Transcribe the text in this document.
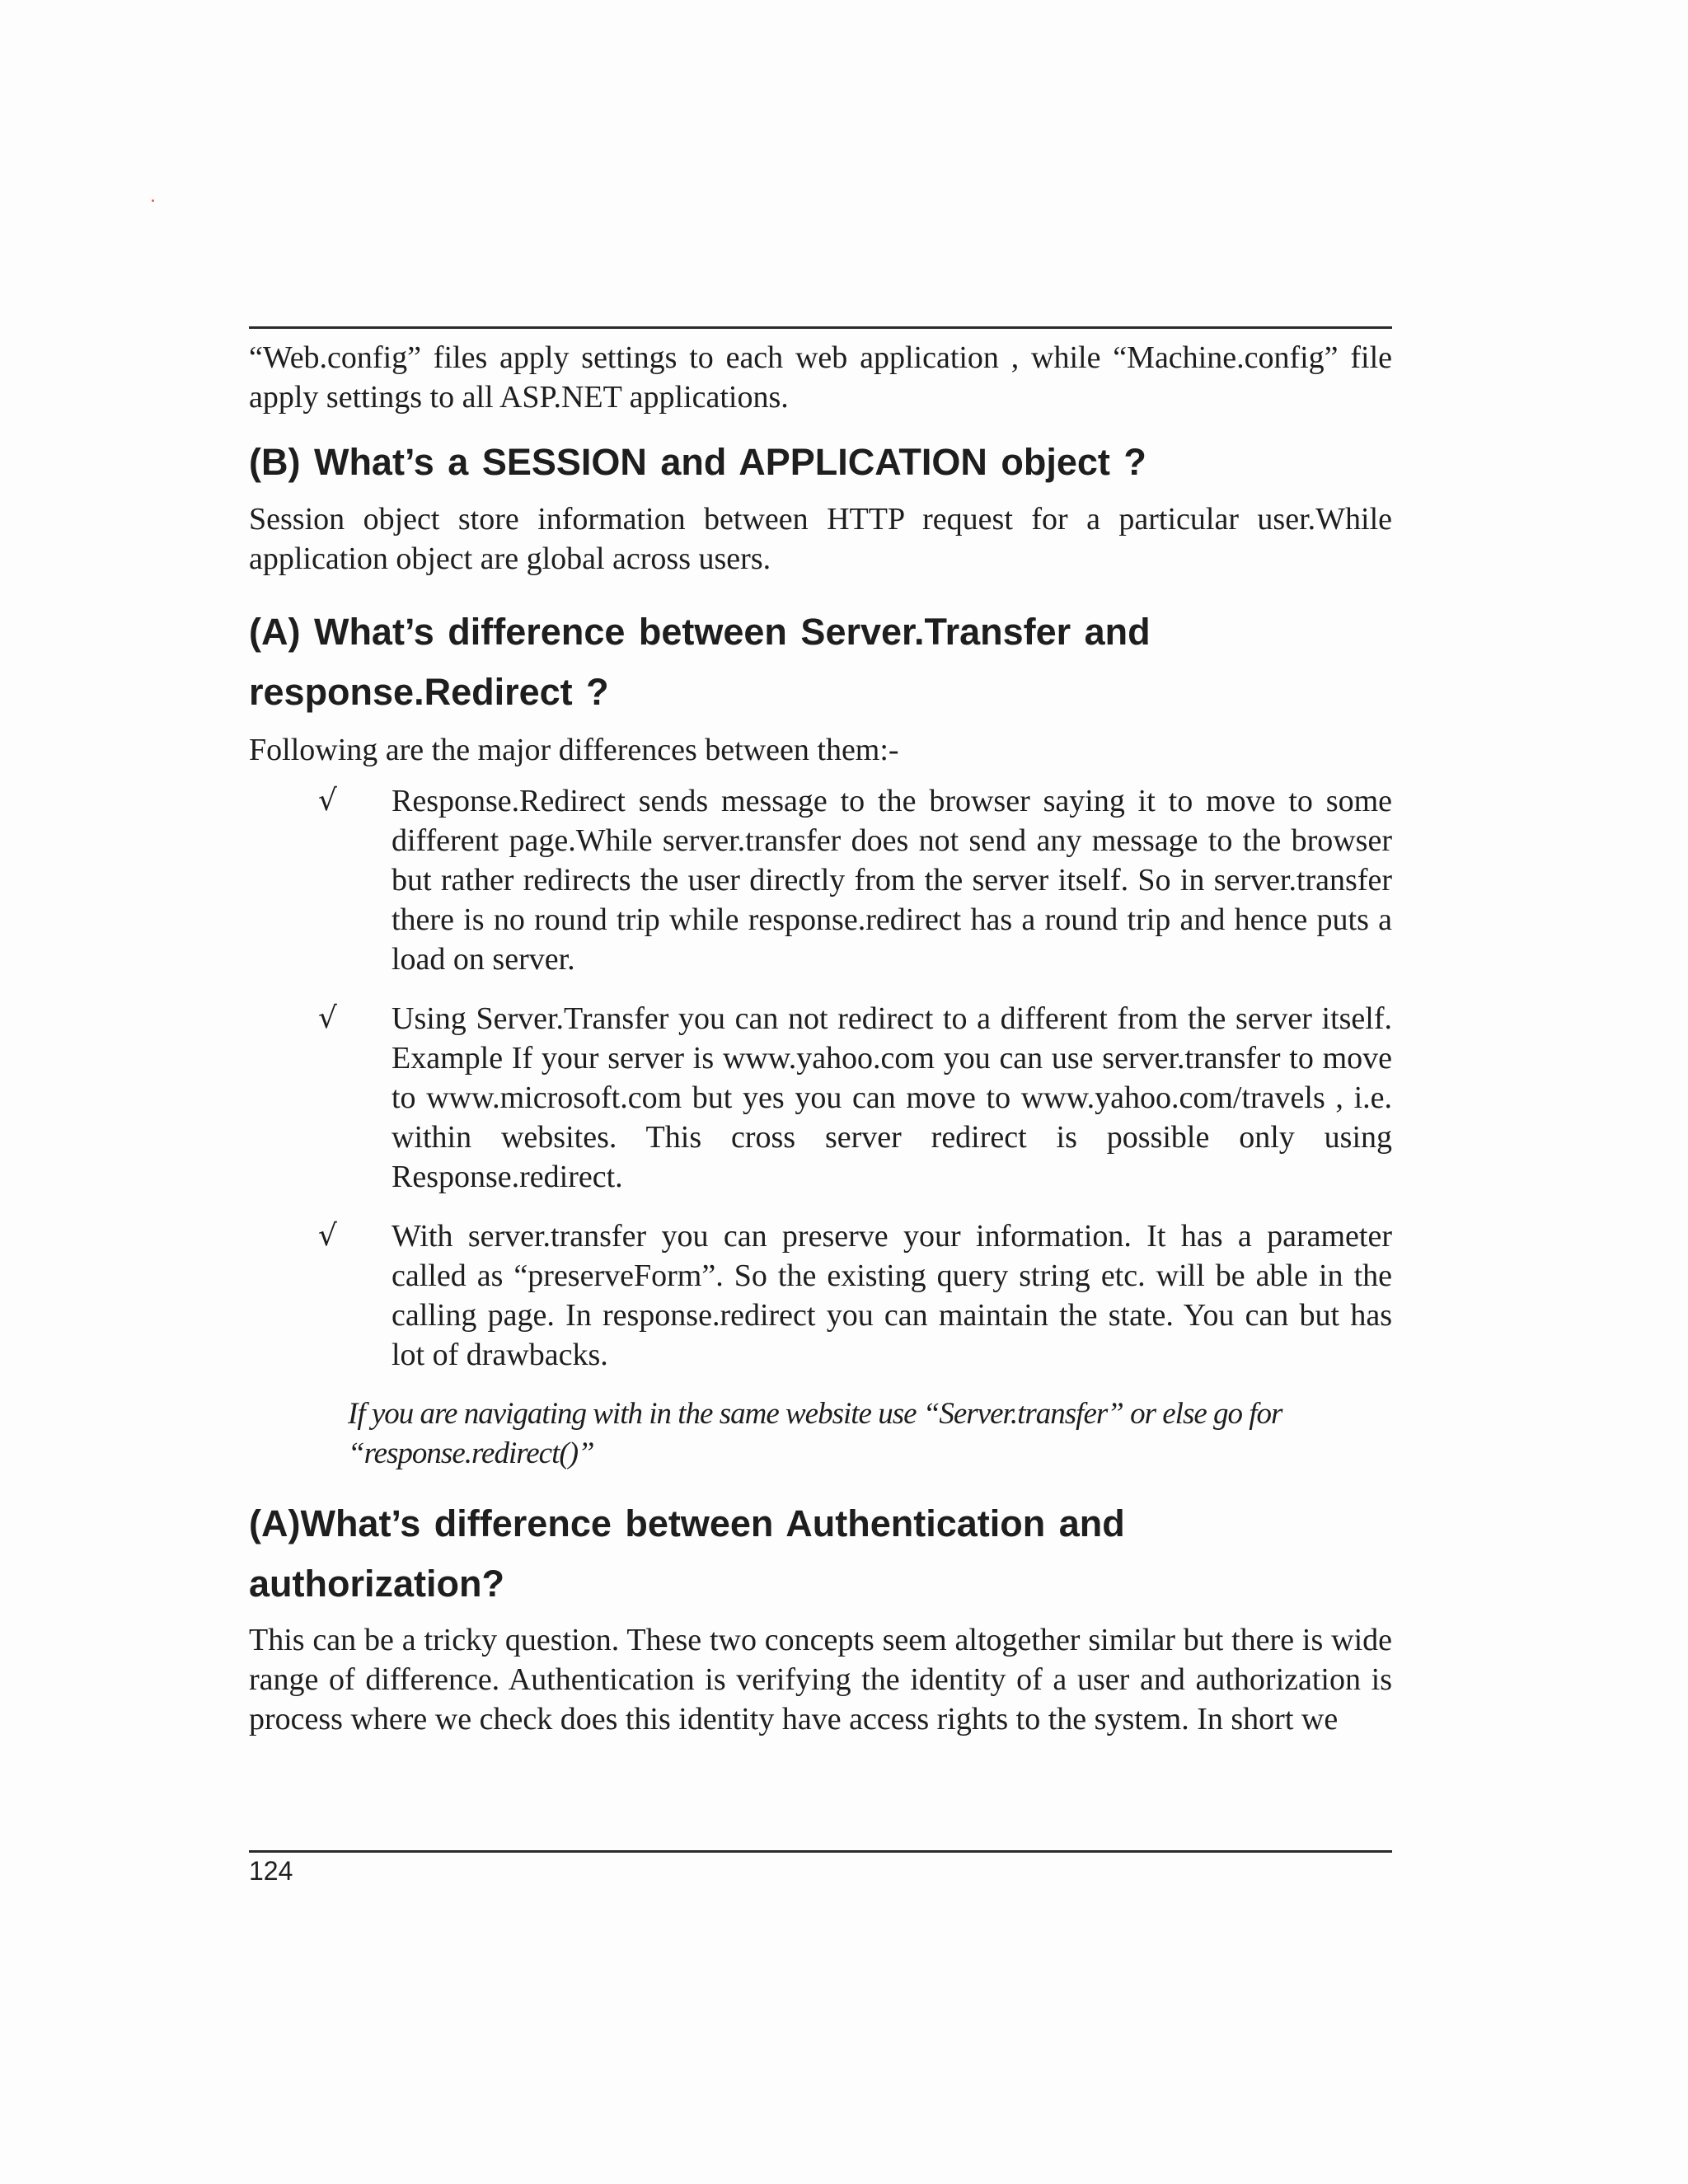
“Web.config” files apply settings to each web application , while “Machine.config” file apply settings to all ASP.NET applications.

(B) What’s a SESSION and APPLICATION object ?

Session object store information between HTTP request for a particular user.While application object are global across users.

(A) What’s difference between Server.Transfer and response.Redirect ?

Following are the major differences between them:-

√ Response.Redirect sends message to the browser saying it to move to some different page.While server.transfer does not send any message to the browser but rather redirects the user directly from the server itself. So in server.transfer there is no round trip while response.redirect has a round trip and hence puts a load on server.

√ Using Server.Transfer you can not redirect to a different from the server itself. Example If your server is www.yahoo.com you can use server.transfer to move to www.microsoft.com but yes you can move to www.yahoo.com/travels , i.e. within websites. This cross server redirect is possible only using Response.redirect.

√ With server.transfer you can preserve your information. It has a parameter called as “preserveForm”. So the existing query string etc. will be able in the calling page. In response.redirect you can maintain the state. You can but has lot of drawbacks.

If you are navigating with in the same website use “Server.transfer” or else go for “response.redirect()”

(A)What’s difference between Authentication and authorization?

This can be a tricky question. These two concepts seem altogether similar but there is wide range of difference. Authentication is verifying the identity of a user and authorization is process where we check does this identity have access rights to the system. In short we

124
